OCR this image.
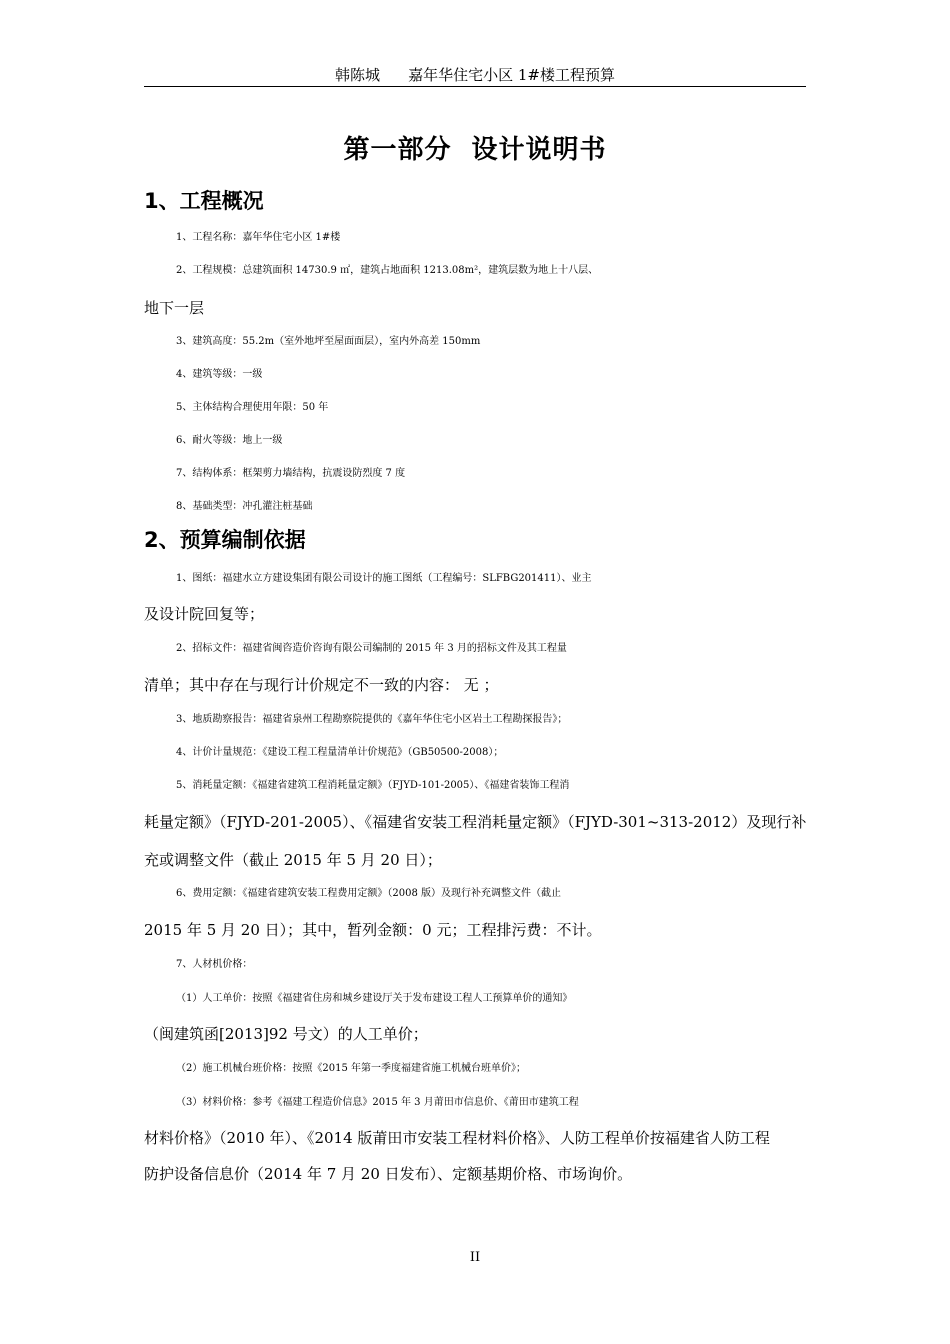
韩陈城 嘉年华住宅小区 1#楼工程预算
第一部分  设计说明书
1、工程概况
1、工程名称：嘉年华住宅小区 1#楼
2、工程规模：总建筑面积 14730.9 ㎡，建筑占地面积 1213.08m²，建筑层数为地上十八层、
地下一层
3、建筑高度：55.2m（室外地坪至屋面面层），室内外高差 150mm
4、建筑等级：一级
5、主体结构合理使用年限：50 年
6、耐火等级：地上一级
7、结构体系：框架剪力墙结构，抗震设防烈度 7 度
8、基础类型：冲孔灌注桩基础
2、预算编制依据
1、图纸：福建水立方建设集团有限公司设计的施工图纸（工程编号：SLFBG201411）、业主
及设计院回复等；
2、招标文件：福建省闽咨造价咨询有限公司编制的 2015 年 3 月的招标文件及其工程量
清单；其中存在与现行计价规定不一致的内容： 无 ；
3、地质勘察报告：福建省泉州工程勘察院提供的《嘉年华住宅小区岩土工程勘探报告》；
4、计价计量规范：《建设工程工程量清单计价规范》（GB50500-2008）；
5、消耗量定额：《福建省建筑工程消耗量定额》（FJYD-101-2005）、《福建省装饰工程消
耗量定额》（FJYD-201-2005）、《福建省安装工程消耗量定额》（FJYD-301~313-2012）及现行补
充或调整文件（截止 2015 年 5 月 20 日）；
6、费用定额：《福建省建筑安装工程费用定额》（2008 版）及现行补充调整文件（截止
2015 年 5 月 20 日）；其中，暂列金额：0 元；工程排污费：不计。
7、人材机价格：
（1）人工单价：按照《福建省住房和城乡建设厅关于发布建设工程人工预算单价的通知》
（闽建筑函[2013]92 号文）的人工单价；
（2）施工机械台班价格：按照《2015 年第一季度福建省施工机械台班单价》；
（3）材料价格：参考《福建工程造价信息》2015 年 3 月莆田市信息价、《莆田市建筑工程
材料价格》（2010 年）、《2014 版莆田市安装工程材料价格》、人防工程单价按福建省人防工程
防护设备信息价（2014 年 7 月 20 日发布）、定额基期价格、市场询价。
II
